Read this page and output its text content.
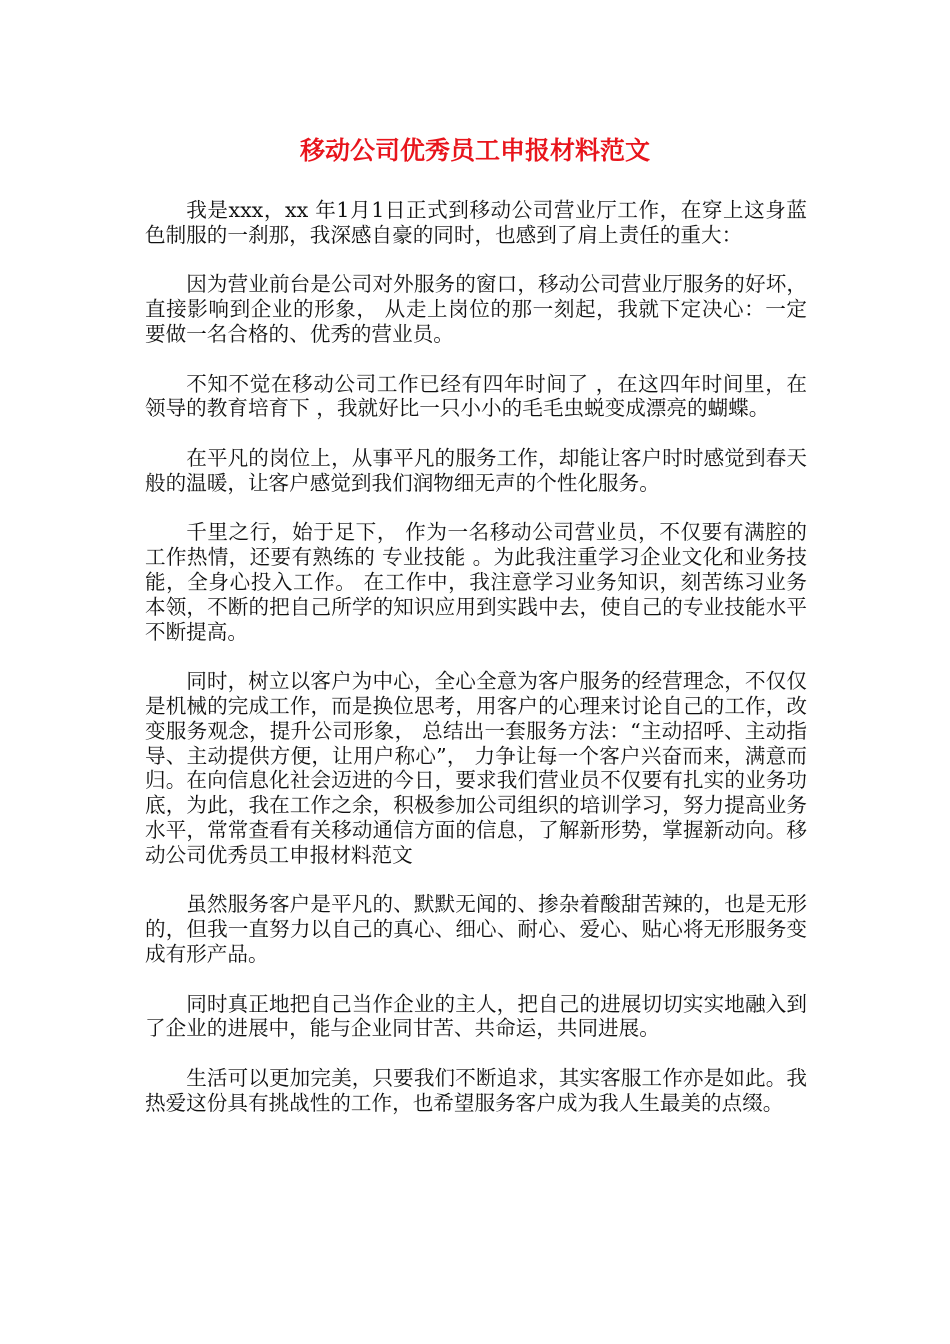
移动公司优秀员工申报材料范文

我是xxx，xx 年1月1日正式到移动公司营业厅工作，在穿上这身蓝色制服的一刹那，我深感自豪的同时，也感到了肩上责任的重大：

因为营业前台是公司对外服务的窗口，移动公司营业厅服务的好坏，直接影响到企业的形象， 从走上岗位的那一刻起，我就下定决心：一定要做一名合格的、优秀的营业员。

不知不觉在移动公司工作已经有四年时间了 ，在这四年时间里，在领导的教育培育下 ，我就好比一只小小的毛毛虫蜕变成漂亮的蝴蝶。

在平凡的岗位上，从事平凡的服务工作，却能让客户时时感觉到春天般的温暖，让客户感觉到我们润物细无声的个性化服务。

千里之行，始于足下， 作为一名移动公司营业员，不仅要有满腔的工作热情，还要有熟练的 专业技能 。为此我注重学习企业文化和业务技能，全身心投入工作。 在工作中，我注意学习业务知识，刻苦练习业务本领，不断的把自己所学的知识应用到实践中去，使自己的专业技能水平不断提高。

同时，树立以客户为中心，全心全意为客户服务的经营理念，不仅仅是机械的完成工作，而是换位思考，用客户的心理来讨论自己的工作，改变服务观念，提升公司形象， 总结出一套服务方法：“主动招呼、主动指导、主动提供方便，让用户称心”， 力争让每一个客户兴奋而来，满意而归。在向信息化社会迈进的今日，要求我们营业员不仅要有扎实的业务功底，为此，我在工作之余，积极参加公司组织的培训学习，努力提高业务水平，常常查看有关移动通信方面的信息，了解新形势，掌握新动向。移动公司优秀员工申报材料范文

虽然服务客户是平凡的、默默无闻的、掺杂着酸甜苦辣的，也是无形的，但我一直努力以自己的真心、细心、耐心、爱心、贴心将无形服务变成有形产品。

同时真正地把自己当作企业的主人，把自己的进展切切实实地融入到了企业的进展中，能与企业同甘苦、共命运，共同进展。

生活可以更加完美，只要我们不断追求，其实客服工作亦是如此。我热爱这份具有挑战性的工作，也希望服务客户成为我人生最美的点缀。
